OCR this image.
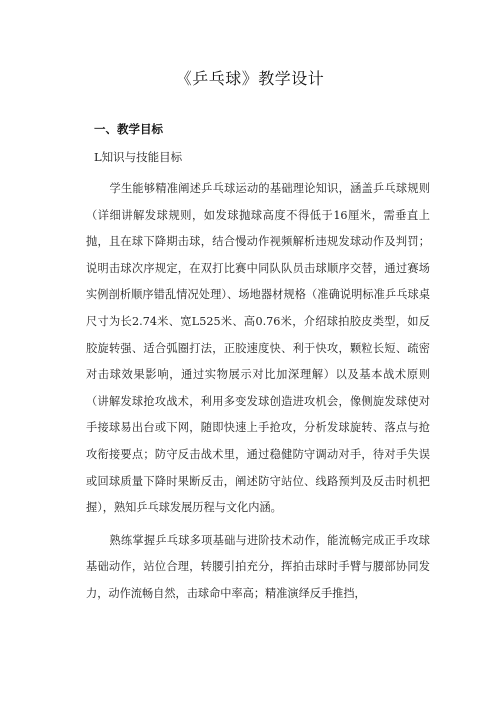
《乒乓球》教学设计
一、教学目标
L知识与技能目标

学生能够精准阐述乒乓球运动的基础理论知识，涵盖乒乓球规则（详细讲解发球规则，如发球抛球高度不得低于16厘米，需垂直上抛，且在球下降期击球，结合慢动作视频解析违规发球动作及判罚；说明击球次序规定，在双打比赛中同队队员击球顺序交替，通过赛场实例剖析顺序错乱情况处理）、场地器材规格（准确说明标准乒乓球桌尺寸为长2.74米、宽L525米、高0.76米，介绍球拍胶皮类型，如反胶旋转强、适合弧圈打法，正胶速度快、利于快攻，颗粒长短、疏密对击球效果影响，通过实物展示对比加深理解）以及基本战术原则（讲解发球抢攻战术，利用多变发球创造进攻机会，像侧旋发球使对手接球易出台或下网，随即快速上手抢攻，分析发球旋转、落点与抢攻衔接要点；防守反击战术里，通过稳健防守调动对手，待对手失误或回球质量下降时果断反击，阐述防守站位、线路预判及反击时机把握），熟知乒乓球发展历程与文化内涵。

熟练掌握乒乓球多项基础与进阶技术动作，能流畅完成正手攻球基础动作，站位合理，转腰引拍充分，挥拍击球时手臂与腰部协同发力，动作流畅自然，击球命中率高；精准演绎反手推挡，
